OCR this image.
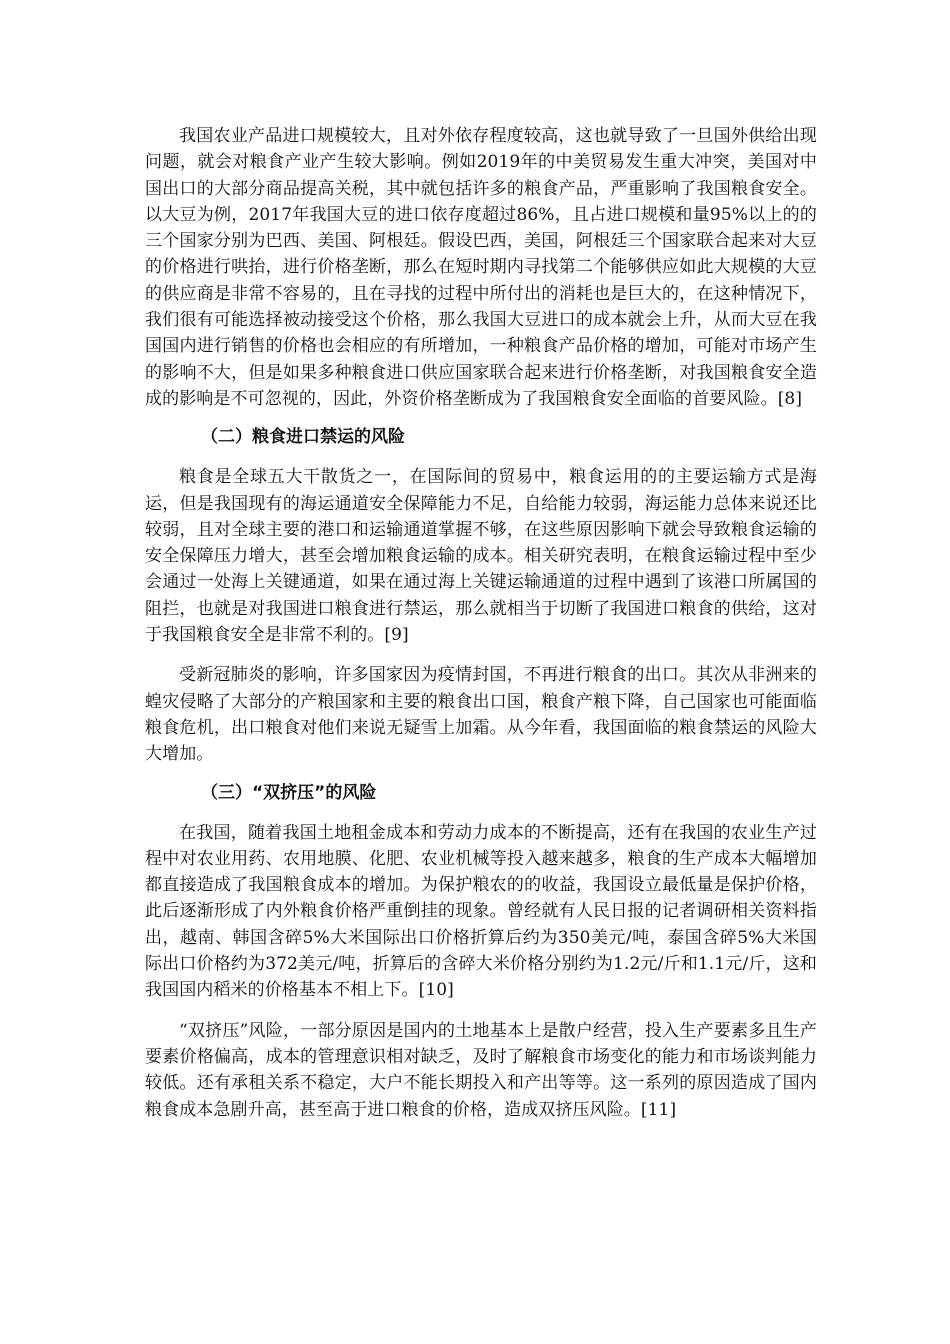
我国农业产品进口规模较大，且对外依存程度较高，这也就导致了一旦国外供给出现问题，就会对粮食产业产生较大影响。例如2019年的中美贸易发生重大冲突，美国对中国出口的大部分商品提高关税，其中就包括许多的粮食产品，严重影响了我国粮食安全。以大豆为例，2017年我国大豆的进口依存度超过86%，且占进口规模和量95%以上的的三个国家分别为巴西、美国、阿根廷。假设巴西，美国，阿根廷三个国家联合起来对大豆的价格进行哄抬，进行价格垄断，那么在短时期内寻找第二个能够供应如此大规模的大豆的供应商是非常不容易的，且在寻找的过程中所付出的消耗也是巨大的，在这种情况下，我们很有可能选择被动接受这个价格，那么我国大豆进口的成本就会上升，从而大豆在我国国内进行销售的价格也会相应的有所增加，一种粮食产品价格的增加，可能对市场产生的影响不大，但是如果多种粮食进口供应国家联合起来进行价格垄断，对我国粮食安全造成的影响是不可忽视的，因此，外资价格垄断成为了我国粮食安全面临的首要风险。[8]

（二）粮食进口禁运的风险

粮食是全球五大干散货之一，在国际间的贸易中，粮食运用的的主要运输方式是海运，但是我国现有的海运通道安全保障能力不足，自给能力较弱，海运能力总体来说还比较弱，且对全球主要的港口和运输通道掌握不够，在这些原因影响下就会导致粮食运输的安全保障压力增大，甚至会增加粮食运输的成本。相关研究表明，在粮食运输过程中至少会通过一处海上关键通道，如果在通过海上关键运输通道的过程中遇到了该港口所属国的阻拦，也就是对我国进口粮食进行禁运，那么就相当于切断了我国进口粮食的供给，这对于我国粮食安全是非常不利的。[9]

受新冠肺炎的影响，许多国家因为疫情封国，不再进行粮食的出口。其次从非洲来的蝗灾侵略了大部分的产粮国家和主要的粮食出口国，粮食产粮下降，自己国家也可能面临粮食危机，出口粮食对他们来说无疑雪上加霜。从今年看，我国面临的粮食禁运的风险大大增加。

（三）“双挤压”的风险

在我国，随着我国土地租金成本和劳动力成本的不断提高，还有在我国的农业生产过程中对农业用药、农用地膜、化肥、农业机械等投入越来越多，粮食的生产成本大幅增加都直接造成了我国粮食成本的增加。为保护粮农的的收益，我国设立最低量是保护价格，此后逐渐形成了内外粮食价格严重倒挂的现象。曾经就有人民日报的记者调研相关资料指出，越南、韩国含碎5%大米国际出口价格折算后约为350美元/吨，泰国含碎5%大米国际出口价格约为372美元/吨，折算后的含碎大米价格分别约为1.2元/斤和1.1元/斤，这和我国国内稻米的价格基本不相上下。[10]

“双挤压”风险，一部分原因是国内的土地基本上是散户经营，投入生产要素多且生产要素价格偏高，成本的管理意识相对缺乏，及时了解粮食市场变化的能力和市场谈判能力较低。还有承租关系不稳定，大户不能长期投入和产出等等。这一系列的原因造成了国内粮食成本急剧升高，甚至高于进口粮食的价格，造成双挤压风险。[11]
